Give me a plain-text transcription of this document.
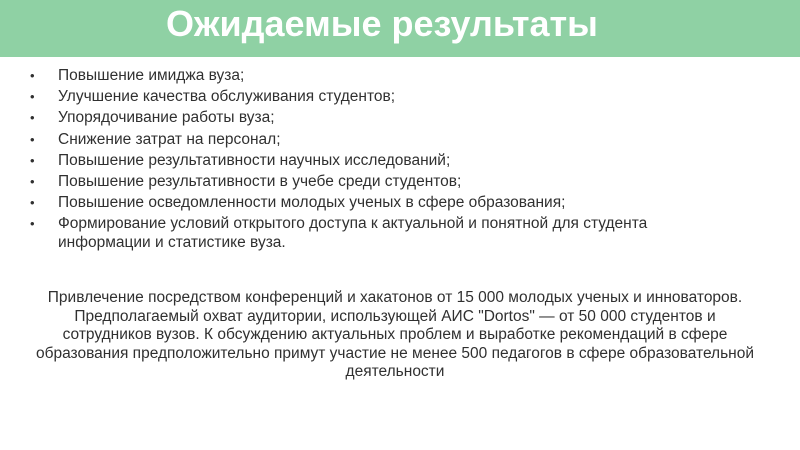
Ожидаемые результаты
• Повышение имиджа вуза;
• Улучшение качества обслуживания студентов;
• Упорядочивание работы вуза;
• Снижение затрат на персонал;
• Повышение результативности научных исследований;
• Повышение результативности в учебе среди студентов;
• Повышение осведомленности молодых ученых в сфере образования;
• Формирование условий открытого доступа к актуальной и понятной для студента информации и статистике вуза.

Привлечение посредством конференций и хакатонов от 15 000 молодых ученых и инноваторов. Предполагаемый охват аудитории, использующей АИС "Dortos" — от 50 000 студентов и сотрудников вузов. К обсуждению актуальных проблем и выработке рекомендаций в сфере образования предположительно примут участие не менее 500 педагогов в сфере образовательной деятельности
